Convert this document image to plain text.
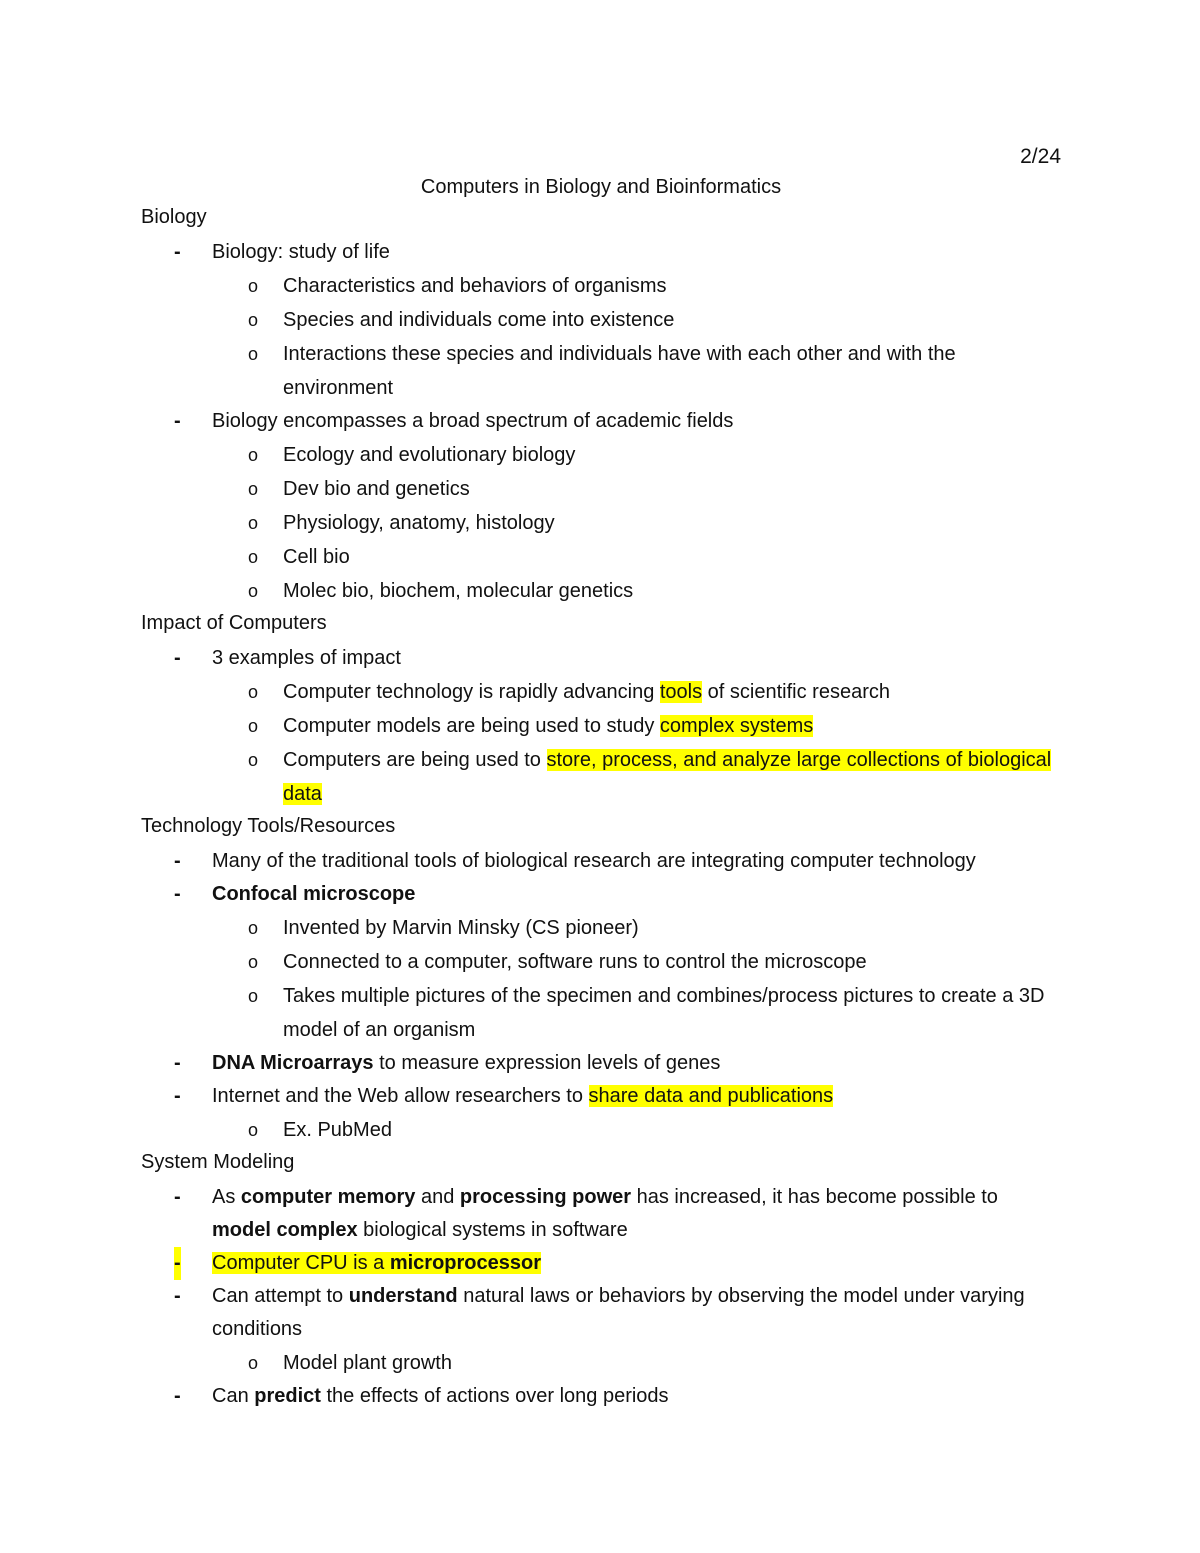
2/24
Computers in Biology and Bioinformatics
Biology
- Biology: study of life
o Characteristics and behaviors of organisms
o Species and individuals come into existence
o Interactions these species and individuals have with each other and with the environment
- Biology encompasses a broad spectrum of academic fields
o Ecology and evolutionary biology
o Dev bio and genetics
o Physiology, anatomy, histology
o Cell bio
o Molec bio, biochem, molecular genetics
Impact of Computers
- 3 examples of impact
o Computer technology is rapidly advancing tools of scientific research
o Computer models are being used to study complex systems
o Computers are being used to store, process, and analyze large collections of biological data
Technology Tools/Resources
- Many of the traditional tools of biological research are integrating computer technology
- Confocal microscope
o Invented by Marvin Minsky (CS pioneer)
o Connected to a computer, software runs to control the microscope
o Takes multiple pictures of the specimen and combines/process pictures to create a 3D model of an organism
- DNA Microarrays to measure expression levels of genes
- Internet and the Web allow researchers to share data and publications
o Ex. PubMed
System Modeling
- As computer memory and processing power has increased, it has become possible to model complex biological systems in software
- Computer CPU is a microprocessor
- Can attempt to understand natural laws or behaviors by observing the model under varying conditions
o Model plant growth
- Can predict the effects of actions over long periods
